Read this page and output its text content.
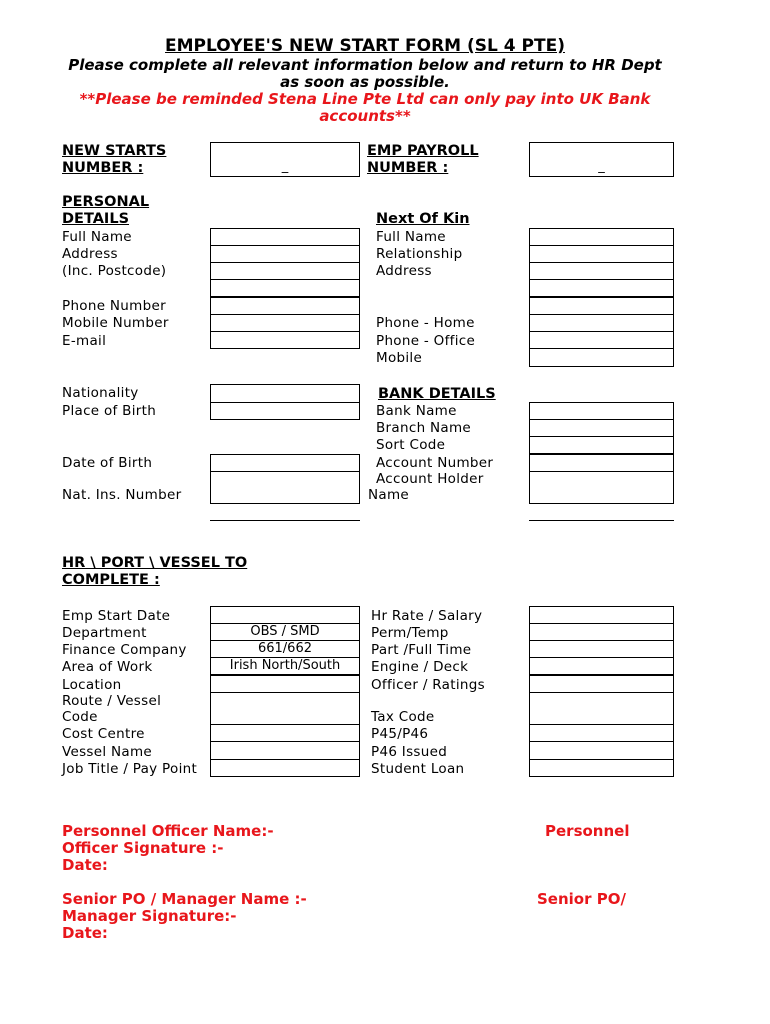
EMPLOYEE'S NEW START FORM (SL 4 PTE)
Please complete all relevant information below and return to HR Dept as soon as possible.
**Please be reminded Stena Line Pte Ltd can only pay into UK Bank accounts**
NEW STARTS NUMBER :	_
EMP PAYROLL NUMBER :	_
PERSONAL DETAILS
Full Name
Address
(Inc. Postcode)
Phone Number
Mobile Number
E-mail
Next Of Kin
Full Name
Relationship
Address
Phone - Home
Phone - Office
Mobile
Nationality
Place of Birth
Date of Birth
Nat. Ins. Number
BANK DETAILS
Bank Name
Branch Name
Sort Code
Account Number
Account Holder
Name
HR \ PORT \ VESSEL TO COMPLETE :
Emp Start Date
Department
Finance Company
Area of Work
Location
Route / Vessel
Code
Cost Centre
Vessel Name
Job Title / Pay Point
OBS / SMD
661/662
Irish North/South
Hr Rate / Salary
Perm/Temp
Part /Full Time
Engine / Deck
Officer / Ratings
Tax Code
P45/P46
P46 Issued
Student Loan
Personnel Officer Name:-
Officer Signature :-
Date:
Personnel
Senior PO / Manager Name :-
Manager Signature:-
Date:
Senior PO/
